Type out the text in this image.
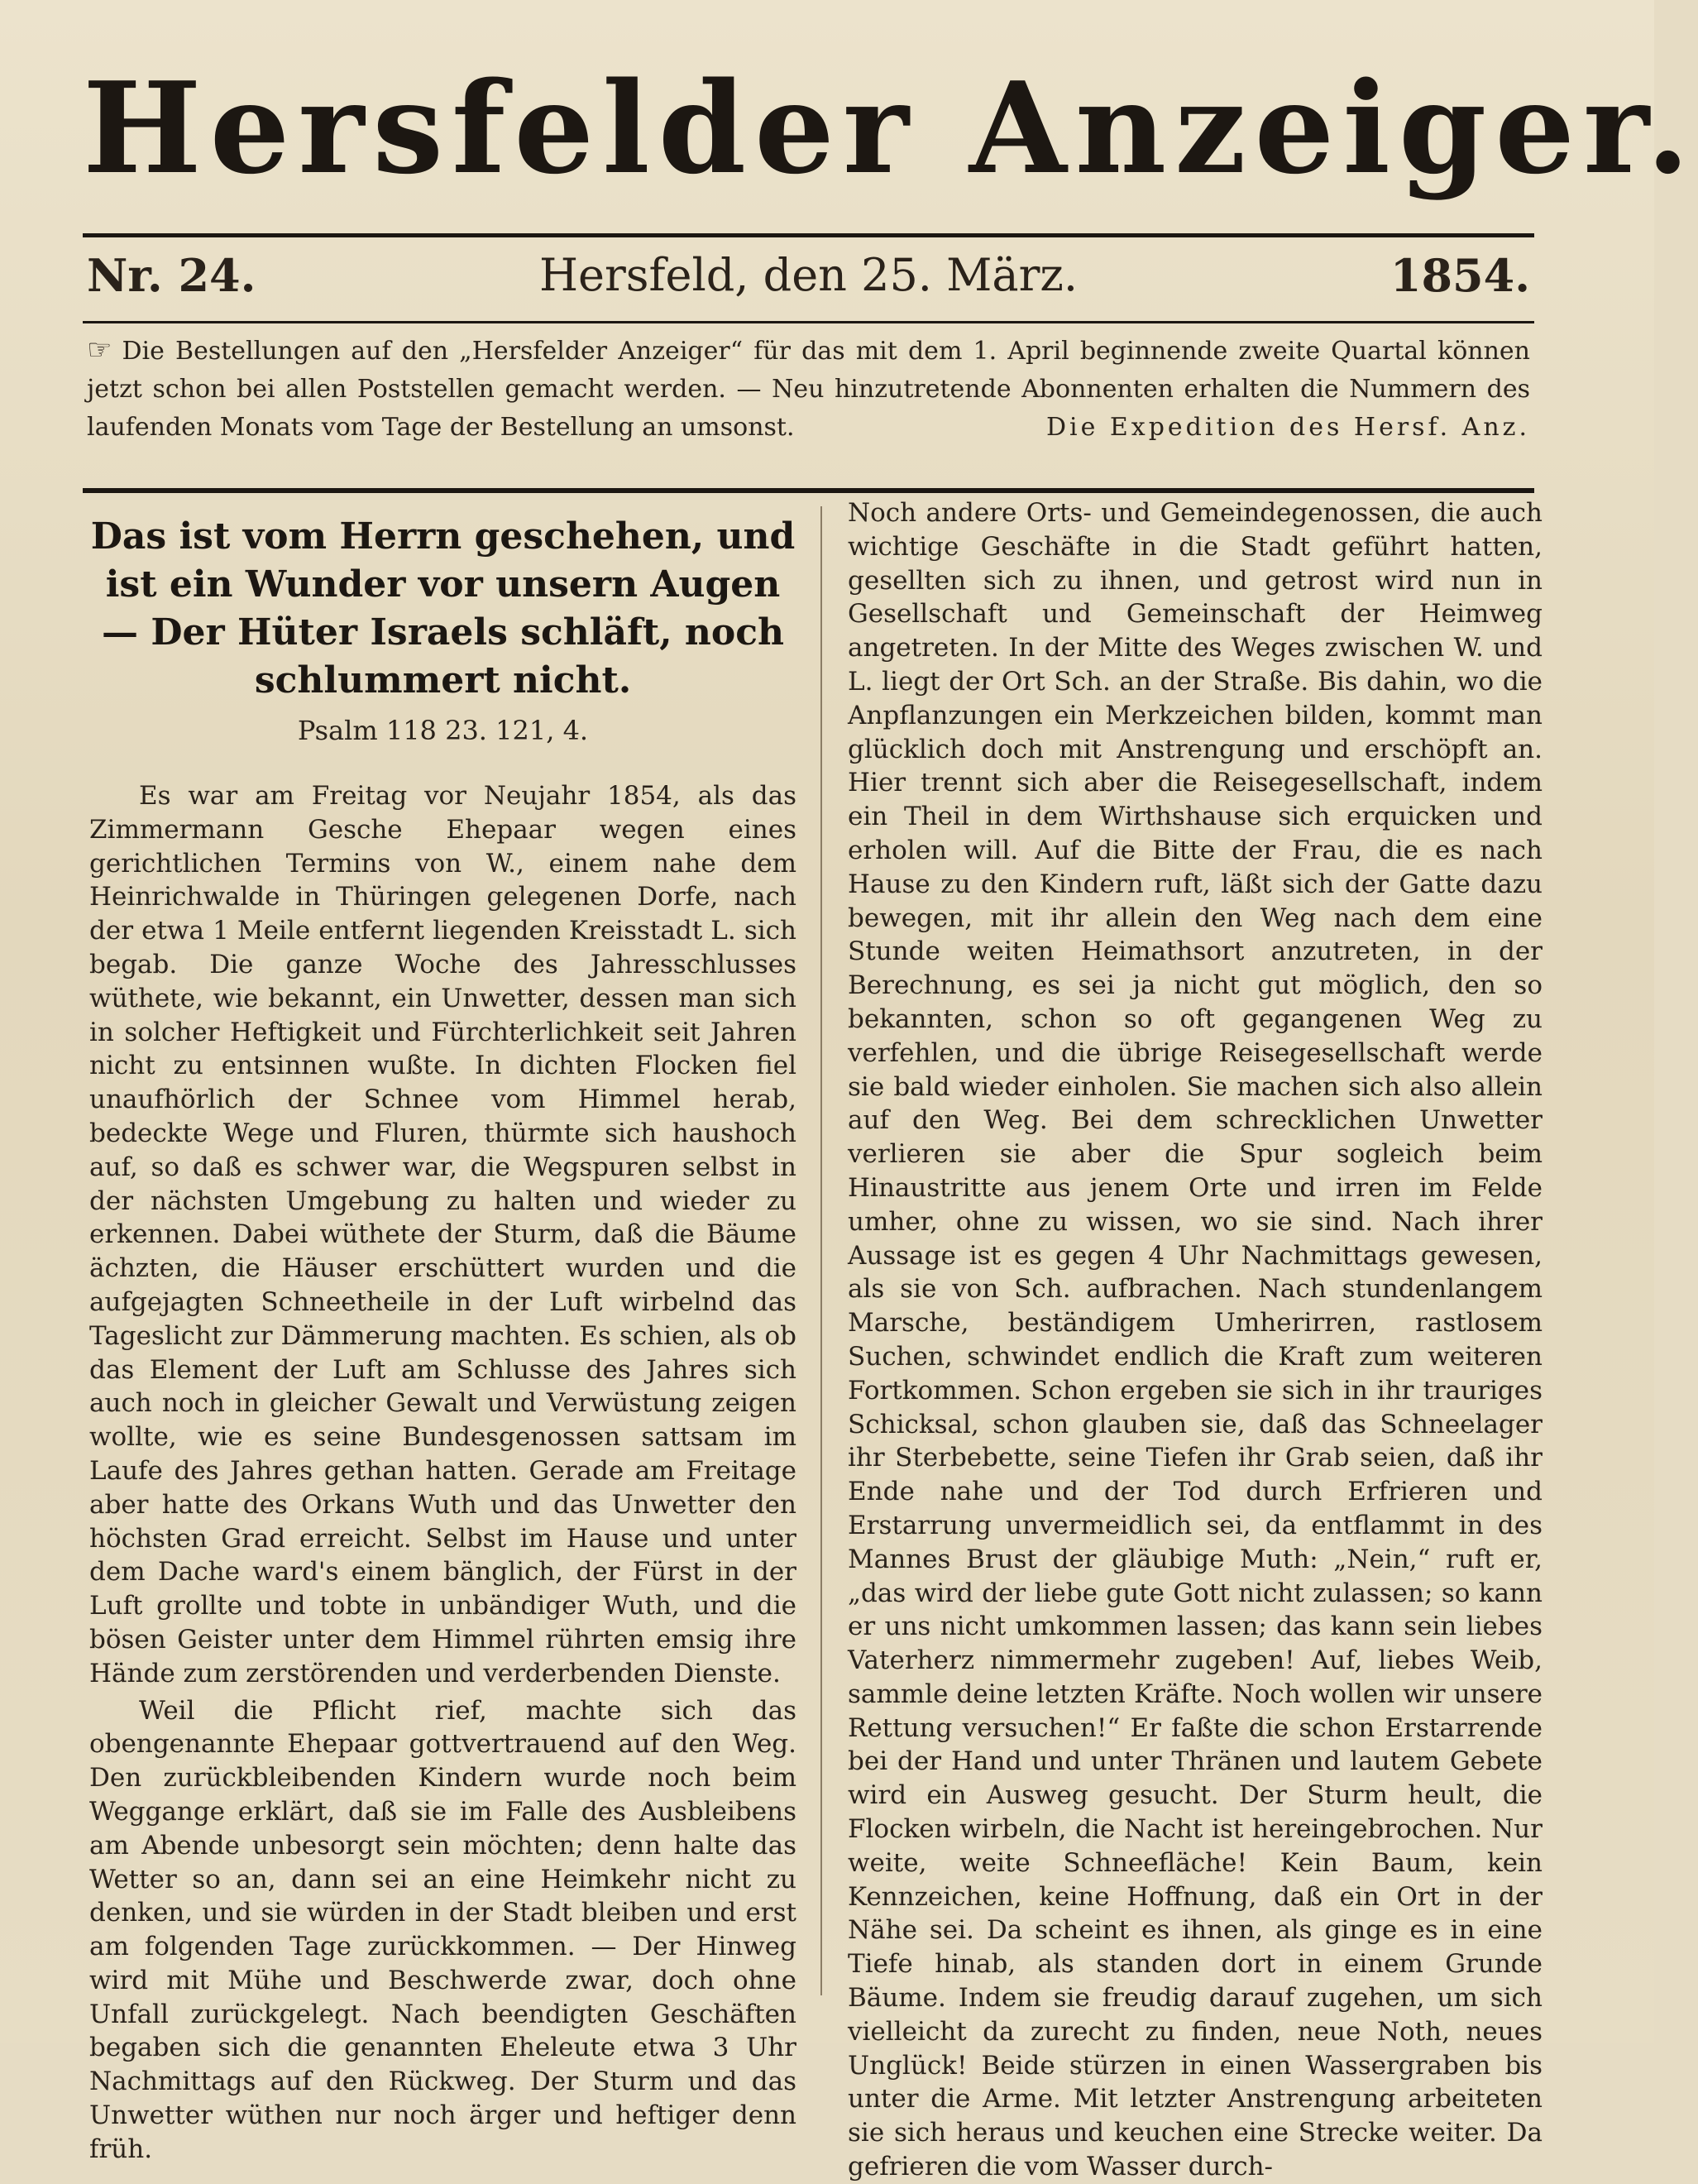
Hersfelder Anzeiger.
Nr. 24.	Hersfeld, den 25. März.	1854.
☞ Die Bestellungen auf den „Hersfelder Anzeiger“ für das mit dem 1. April beginnende zweite Quartal können jetzt schon bei allen Poststellen gemacht werden. — Neu hinzutretende Abonnenten erhalten die Nummern des laufenden Monats vom Tage der Bestellung an umsonst.	Die Expedition des Hersf. Anz.
Das ist vom Herrn geschehen, und ist ein Wunder vor unsern Augen — Der Hüter Israels schläft, noch schlummert nicht.
Psalm 118 23. 121, 4.

Es war am Freitag vor Neujahr 1854, als das Zimmermann Gesche Ehepaar wegen eines gerichtlichen Termins von W., einem nahe dem Heinrichwalde in Thüringen gelegenen Dorfe, nach der etwa 1 Meile entfernt liegenden Kreisstadt L. sich begab. Die ganze Woche des Jahresschlusses wüthete, wie bekannt, ein Unwetter, dessen man sich in solcher Heftigkeit und Fürchterlichkeit seit Jahren nicht zu entsinnen wußte. In dichten Flocken fiel unaufhörlich der Schnee vom Himmel herab, bedeckte Wege und Fluren, thürmte sich haushoch auf, so daß es schwer war, die Wegspuren selbst in der nächsten Umgebung zu halten und wieder zu erkennen. Dabei wüthete der Sturm, daß die Bäume ächzten, die Häuser erschüttert wurden und die aufgejagten Schneetheile in der Luft wirbelnd das Tageslicht zur Dämmerung machten. Es schien, als ob das Element der Luft am Schlusse des Jahres sich auch noch in gleicher Gewalt und Verwüstung zeigen wollte, wie es seine Bundesgenossen sattsam im Laufe des Jahres gethan hatten. Gerade am Freitage aber hatte des Orkans Wuth und das Unwetter den höchsten Grad erreicht. Selbst im Hause und unter dem Dache ward's einem bänglich, der Fürst in der Luft grollte und tobte in unbändiger Wuth, und die bösen Geister unter dem Himmel rührten emsig ihre Hände zum zerstörenden und verderbenden Dienste.

Weil die Pflicht rief, machte sich das obengenannte Ehepaar gottvertrauend auf den Weg. Den zurückbleibenden Kindern wurde noch beim Weggange erklärt, daß sie im Falle des Ausbleibens am Abende unbesorgt sein möchten; denn halte das Wetter so an, dann sei an eine Heimkehr nicht zu denken, und sie würden in der Stadt bleiben und erst am folgenden Tage zurückkommen. — Der Hinweg wird mit Mühe und Beschwerde zwar, doch ohne Unfall zurückgelegt. Nach beendigten Geschäften begaben sich die genannten Eheleute etwa 3 Uhr Nachmittags auf den Rückweg. Der Sturm und das Unwetter wüthen nur noch ärger und heftiger denn früh.

Noch andere Orts- und Gemeindegenossen, die auch wichtige Geschäfte in die Stadt geführt hatten, gesellten sich zu ihnen, und getrost wird nun in Gesellschaft und Gemeinschaft der Heimweg angetreten. In der Mitte des Weges zwischen W. und L. liegt der Ort Sch. an der Straße. Bis dahin, wo die Anpflanzungen ein Merkzeichen bilden, kommt man glücklich doch mit Anstrengung und erschöpft an. Hier trennt sich aber die Reisegesellschaft, indem ein Theil in dem Wirthshause sich erquicken und erholen will. Auf die Bitte der Frau, die es nach Hause zu den Kindern ruft, läßt sich der Gatte dazu bewegen, mit ihr allein den Weg nach dem eine Stunde weiten Heimathsort anzutreten, in der Berechnung, es sei ja nicht gut möglich, den so bekannten, schon so oft gegangenen Weg zu verfehlen, und die übrige Reisegesellschaft werde sie bald wieder einholen. Sie machen sich also allein auf den Weg. Bei dem schrecklichen Unwetter verlieren sie aber die Spur sogleich beim Hinaustritte aus jenem Orte und irren im Felde umher, ohne zu wissen, wo sie sind. Nach ihrer Aussage ist es gegen 4 Uhr Nachmittags gewesen, als sie von Sch. aufbrachen. Nach stundenlangem Marsche, beständigem Umherirren, rastlosem Suchen, schwindet endlich die Kraft zum weiteren Fortkommen. Schon ergeben sie sich in ihr trauriges Schicksal, schon glauben sie, daß das Schneelager ihr Sterbebette, seine Tiefen ihr Grab seien, daß ihr Ende nahe und der Tod durch Erfrieren und Erstarrung unvermeidlich sei, da entflammt in des Mannes Brust der gläubige Muth: „Nein,“ ruft er, „das wird der liebe gute Gott nicht zulassen; so kann er uns nicht umkommen lassen; das kann sein liebes Vaterherz nimmermehr zugeben! Auf, liebes Weib, sammle deine letzten Kräfte. Noch wollen wir unsere Rettung versuchen!“ Er faßte die schon Erstarrende bei der Hand und unter Thränen und lautem Gebete wird ein Ausweg gesucht. Der Sturm heult, die Flocken wirbeln, die Nacht ist hereingebrochen. Nur weite, weite Schneefläche! Kein Baum, kein Kennzeichen, keine Hoffnung, daß ein Ort in der Nähe sei. Da scheint es ihnen, als ginge es in eine Tiefe hinab, als standen dort in einem Grunde Bäume. Indem sie freudig darauf zugehen, um sich vielleicht da zurecht zu finden, neue Noth, neues Unglück! Beide stürzen in einen Wassergraben bis unter die Arme. Mit letzter Anstrengung arbeiteten sie sich heraus und keuchen eine Strecke weiter. Da gefrieren die vom Wasser durch-
